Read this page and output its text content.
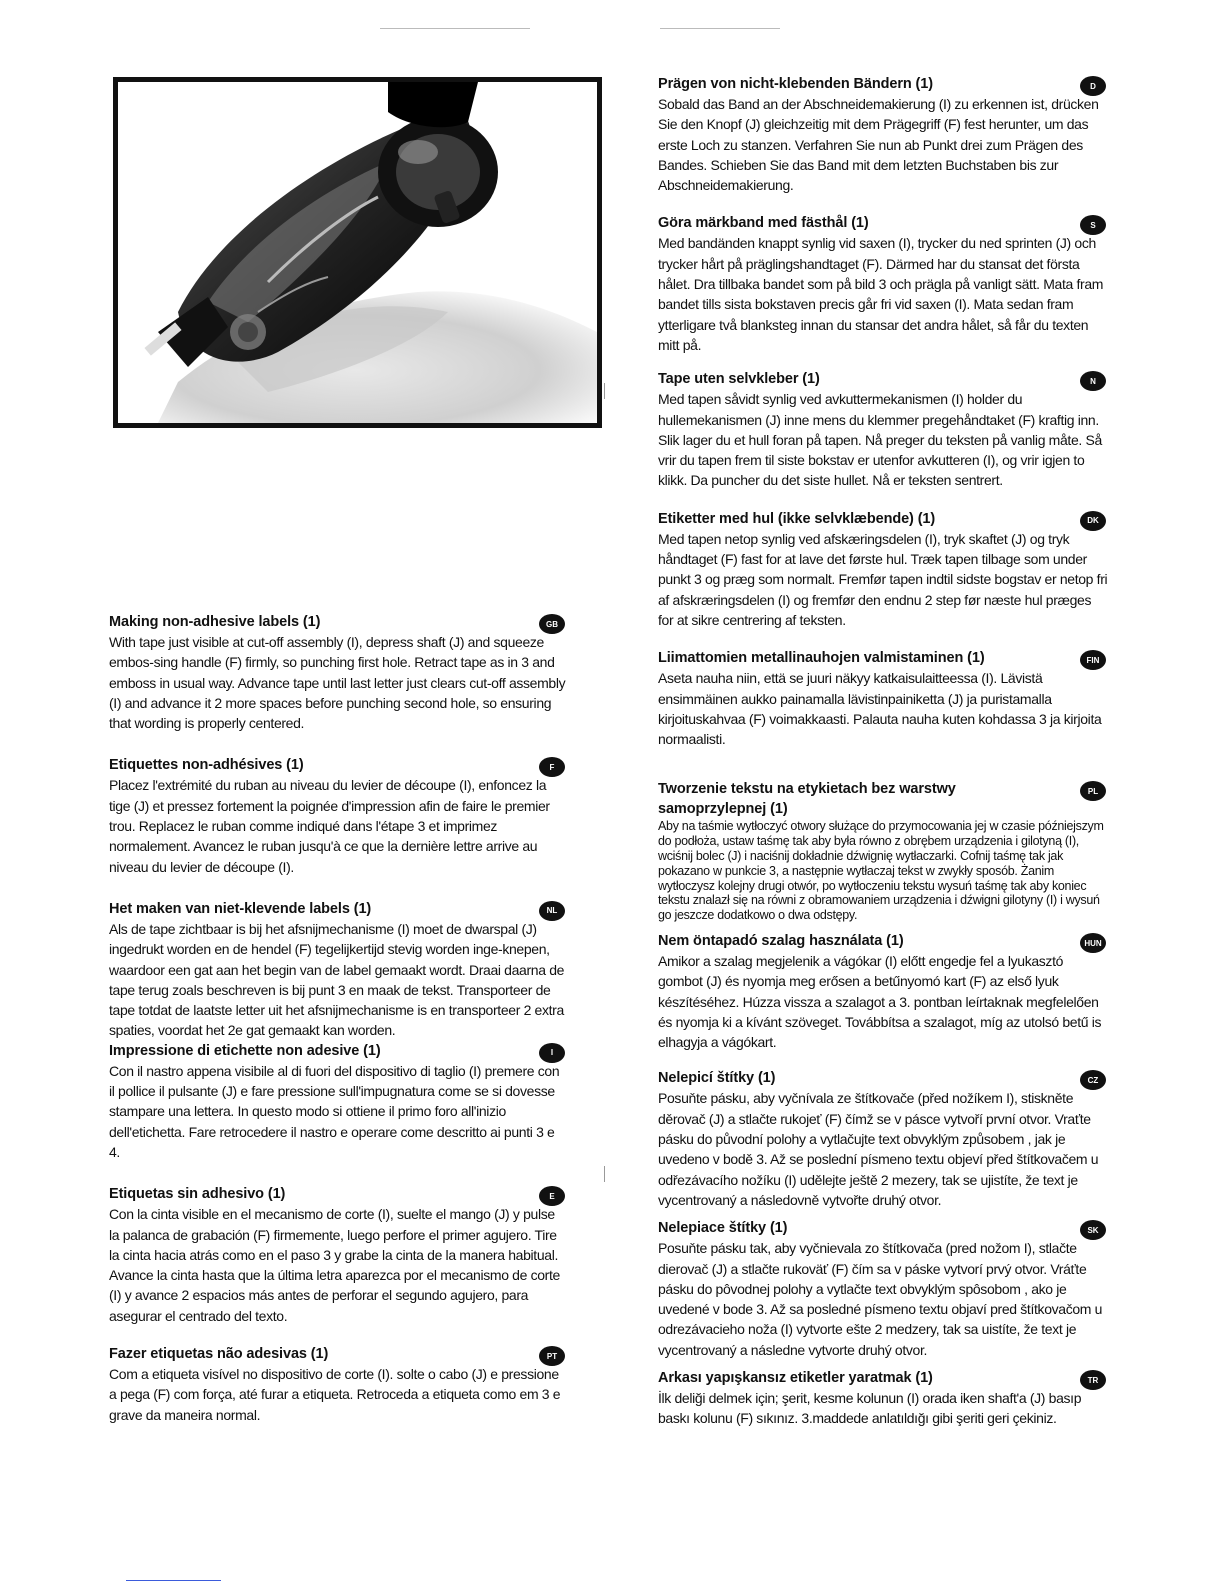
Making non-adhesive labels (1)	GB

With tape just visible at cut-off assembly (I), depress shaft (J) and squeeze embos-sing handle (F) firmly, so punching first hole. Retract tape as in 3 and emboss in usual way. Advance tape until last letter just clears cut-off assembly (I) and advance it 2 more spaces before punching second hole, so ensuring that wording is properly centered.

Etiquettes non-adhésives (1)	F

Placez l'extrémité du ruban au niveau du levier de découpe (I), enfoncez la tige (J) et pressez fortement la poignée d'impression afin de faire le premier trou. Replacez le ruban comme indiqué dans l'étape 3 et imprimez normalement. Avancez le ruban jusqu'à ce que la dernière lettre arrive au niveau du levier de découpe (I).

Het maken van niet-klevende labels (1)	NL

Als de tape zichtbaar is bij het afsnijmechanisme (I) moet de dwarspal (J) ingedrukt worden en de hendel (F) tegelijkertijd stevig worden inge-knepen, waardoor een gat aan het begin van de label gemaakt wordt. Draai daarna de tape terug zoals beschreven is bij punt 3 en maak de tekst. Transporteer de tape totdat de laatste letter uit het afsnijmechanisme is en transporteer 2 extra spaties, voordat het 2e gat gemaakt kan worden.

Impressione di etichette non adesive (1)	I

Con il nastro appena visibile al di fuori del dispositivo di taglio (I) premere con il pollice il pulsante (J) e fare pressione sull'impugnatura come se si dovesse stampare una lettera. In questo modo si ottiene il primo foro all'inizio dell'etichetta. Fare retrocedere il nastro e operare come descritto ai punti 3 e 4.

Etiquetas sin adhesivo (1)	E

Con la cinta visible en el mecanismo de corte (I), suelte el mango (J) y pulse la palanca de grabación (F) firmemente, luego perfore el primer agujero. Tire la cinta hacia atrás como en el paso 3 y grabe la cinta de la manera habitual. Avance la cinta hasta que la última letra aparezca por el mecanismo de corte (I) y avance 2 espacios más antes de perforar el segundo agujero, para asegurar el centrado del texto.

Fazer etiquetas não adesivas (1)	PT

Com a etiqueta visível no dispositivo de corte (I). solte o cabo (J) e pressione a pega (F) com força, até furar a etiqueta. Retroceda a etiqueta como em 3 e grave da maneira normal.

Prägen von nicht-klebenden Bändern (1)	D

Sobald das Band an der Abschneidemakierung (I) zu erkennen ist, drücken Sie den Knopf (J) gleichzeitig mit dem Prägegriff (F) fest herunter, um das erste Loch zu stanzen. Verfahren Sie nun ab Punkt drei zum Prägen des Bandes. Schieben Sie das Band mit dem letzten Buchstaben bis zur Abschneidemakierung.

Göra märkband med fästhål (1)	S

Med bandänden knappt synlig vid saxen (I), trycker du ned sprinten (J) och trycker hårt på präglingshandtaget (F). Därmed har du stansat det första hålet. Dra tillbaka bandet som på bild 3 och prägla på vanligt sätt. Mata fram bandet tills sista bokstaven precis går fri vid saxen (I). Mata sedan fram ytterligare två blanksteg innan du stansar det andra hålet, så får du texten mitt på.

Tape uten selvkleber (1)	N

Med tapen såvidt synlig ved avkuttermekanismen (I) holder du hullemekanismen (J) inne mens du klemmer pregehåndtaket (F) kraftig inn. Slik lager du et hull foran på tapen. Nå preger du teksten på vanlig måte. Så vrir du tapen frem til siste bokstav er utenfor avkutteren (I), og vrir igjen to klikk. Da puncher du det siste hullet. Nå er teksten sentrert.

Etiketter med hul (ikke selvklæbende) (1)	DK

Med tapen netop synlig ved afskæringsdelen (I), tryk skaftet (J) og tryk håndtaget (F) fast for at lave det første hul. Træk tapen tilbage som under punkt 3 og præg som normalt. Fremfør tapen indtil sidste bogstav er netop fri af afskræringsdelen (I) og fremfør den endnu 2 step før næste hul præges for at sikre centrering af teksten.

Liimattomien metallinauhojen valmistaminen (1)	FIN

Aseta nauha niin, että se juuri näkyy katkaisulaitteessa (I). Lävistä ensimmäinen aukko painamalla lävistinpainiketta (J) ja puristamalla kirjoituskahvaa (F) voimakkaasti. Palauta nauha kuten kohdassa 3 ja kirjoita normaalisti.

Tworzenie tekstu na etykietach bez warstwy samoprzylepnej (1)
PL

Aby na taśmie wytłoczyć otwory służące do przymocowania jej w czasie późniejszym do podłoża, ustaw taśmę tak aby była równo z obrębem urządzenia i gilotyną (I), wciśnij bolec (J) i naciśnij dokładnie dźwignię wytłaczarki. Cofnij taśmę tak jak pokazano w punkcie 3, a następnie wytłaczaj tekst w zwykły sposób. Żanim wytłoczysz kolejny drugi otwór, po wytłoczeniu tekstu wysuń taśmę tak aby koniec tekstu znalazł się na równi z obramowaniem urządzenia i dźwigni gilotyny (I) i wysuń go jeszcze dodatkowo o dwa odstępy.

Nem öntapadó szalag használata (1)	HUN

Amikor a szalag megjelenik a vágókar (I) előtt engedje fel a lyukasztó gombot (J) és nyomja meg erősen a betűnyomó kart (F) az első lyuk készítéséhez. Húzza vissza a szalagot a 3. pontban leírtaknak megfelelően és nyomja ki a kívánt szöveget. Továbbítsa a szalagot, míg az utolsó betű is elhagyja a vágókart.

Nelepicí štítky (1)	CZ

Posuňte pásku, aby vyčnívala ze štítkovače (před nožíkem I), stiskněte děrovač (J) a stlačte rukojeť (F) čímž se v pásce vytvoří první otvor. Vraťte pásku do původní polohy a vytlačujte text obvyklým způsobem , jak je uvedeno v bodě 3. Až se poslední písmeno textu objeví před štítkovačem u odřezávacího nožíku (I) udělejte ještě 2 mezery, tak se ujistíte, že text je vycentrovaný a následovně vytvořte druhý otvor.

Nelepiace štítky (1)	SK

Posuňte pásku tak, aby vyčnievala zo štítkovača (pred nožom I), stlačte dierovač (J) a stlačte rukoväť (F) čím sa v páske vytvorí prvý otvor. Vráťte pásku do pôvodnej polohy a vytlačte text obvyklým spôsobom , ako je uvedené v bode 3. Až sa posledné písmeno textu objaví pred štítkovačom u odrezávacieho noža (I) vytvorte ešte 2 medzery, tak sa uistíte, že text je vycentrovaný a následne vytvorte druhý otvor.

Arkası yapışkansız etiketler yaratmak (1)	TR

İlk deliği delmek için; şerit, kesme kolunun (I) orada iken shaft'a (J) basıp baskı kolunu (F) sıkınız. 3.maddede anlatıldığı gibi şeriti geri çekiniz.
